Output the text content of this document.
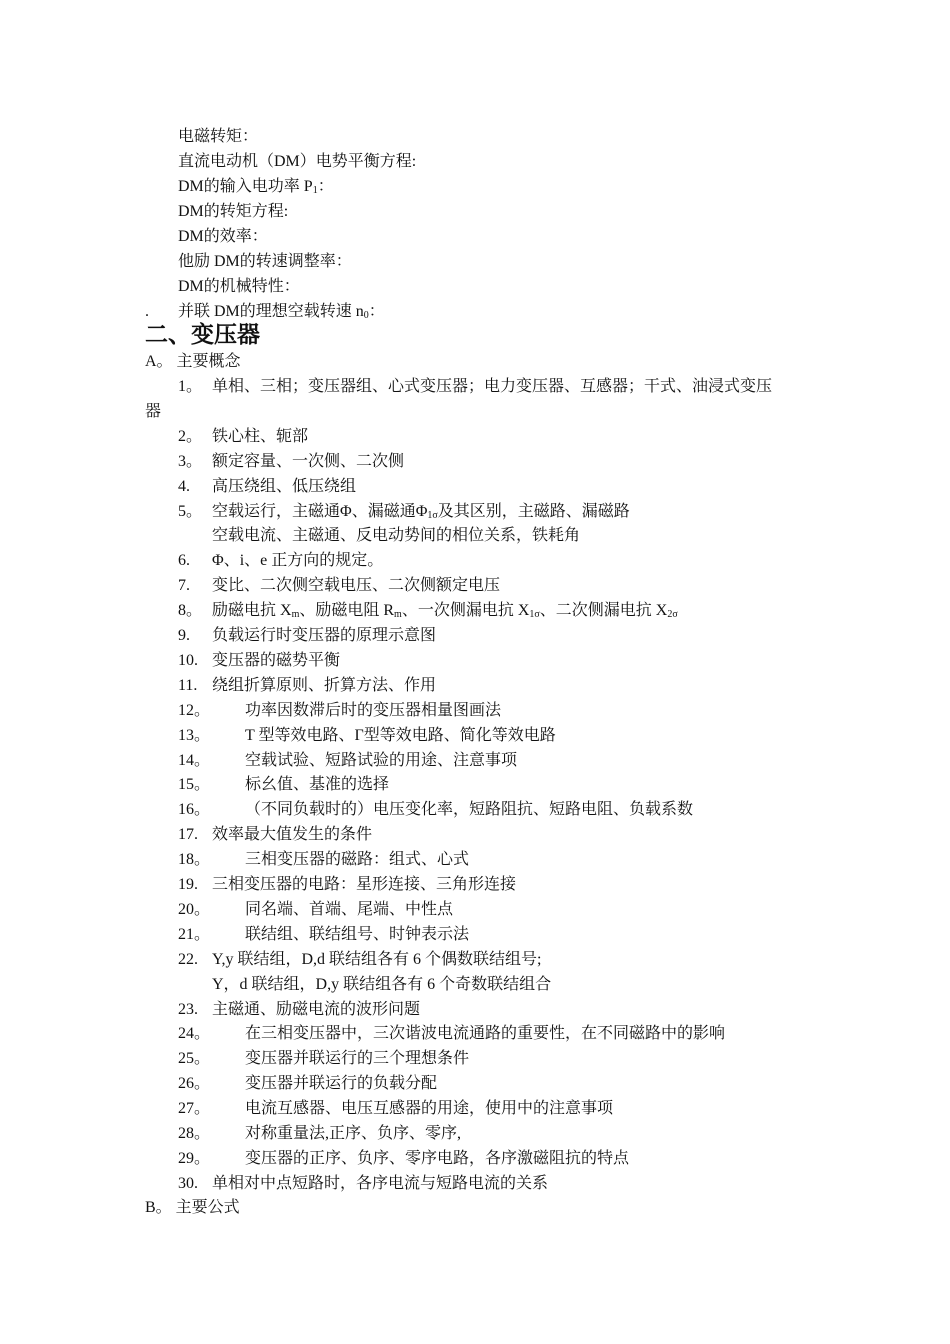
电磁转矩：
直流电动机（DM）电势平衡方程:
DM的输入电功率 $P_1$：
DM的转矩方程:
DM的效率：
他励 DM的转速调整率：
DM的机械特性：
. 并联 DM的理想空载转速 $n_0$：
二、变压器
A。 主要概念
1。 单相、三相；变压器组、心式变压器；电力变压器、互感器；干式、油浸式变压
器
2。 铁心柱、轭部
3。 额定容量、一次侧、二次侧
4. 高压绕组、低压绕组
5。 空载运行，主磁通Φ、漏磁通$\Phi_{1\sigma}$及其区别，主磁路、漏磁路
空载电流、主磁通、反电动势间的相位关系，铁耗角
6. Φ、i、e 正方向的规定。
7. 变比、二次侧空载电压、二次侧额定电压
8。 励磁电抗 $X_m$、励磁电阻 $R_m$、一次侧漏电抗 $X_{1\sigma}$、二次侧漏电抗 $X_{2\sigma}$
9. 负载运行时变压器的原理示意图
10. 变压器的磁势平衡
11. 绕组折算原则、折算方法、作用
12。 功率因数滞后时的变压器相量图画法
13。 T 型等效电路、Γ型等效电路、简化等效电路
14。 空载试验、短路试验的用途、注意事项
15。 标幺值、基准的选择
16。 （不同负载时的）电压变化率，短路阻抗、短路电阻、负载系数
17. 效率最大值发生的条件
18。 三相变压器的磁路：组式、心式
19. 三相变压器的电路：星形连接、三角形连接
20。 同名端、首端、尾端、中性点
21。 联结组、联结组号、时钟表示法
22. Y,y 联结组，D,d 联结组各有 6 个偶数联结组号;
Y，d 联结组，D,y 联结组各有 6 个奇数联结组合
23. 主磁通、励磁电流的波形问题
24。 在三相变压器中，三次谐波电流通路的重要性，在不同磁路中的影响
25。 变压器并联运行的三个理想条件
26。 变压器并联运行的负载分配
27。 电流互感器、电压互感器的用途，使用中的注意事项
28。 对称重量法,正序、负序、零序,
29。 变压器的正序、负序、零序电路，各序激磁阻抗的特点
30. 单相对中点短路时，各序电流与短路电流的关系
B。 主要公式
